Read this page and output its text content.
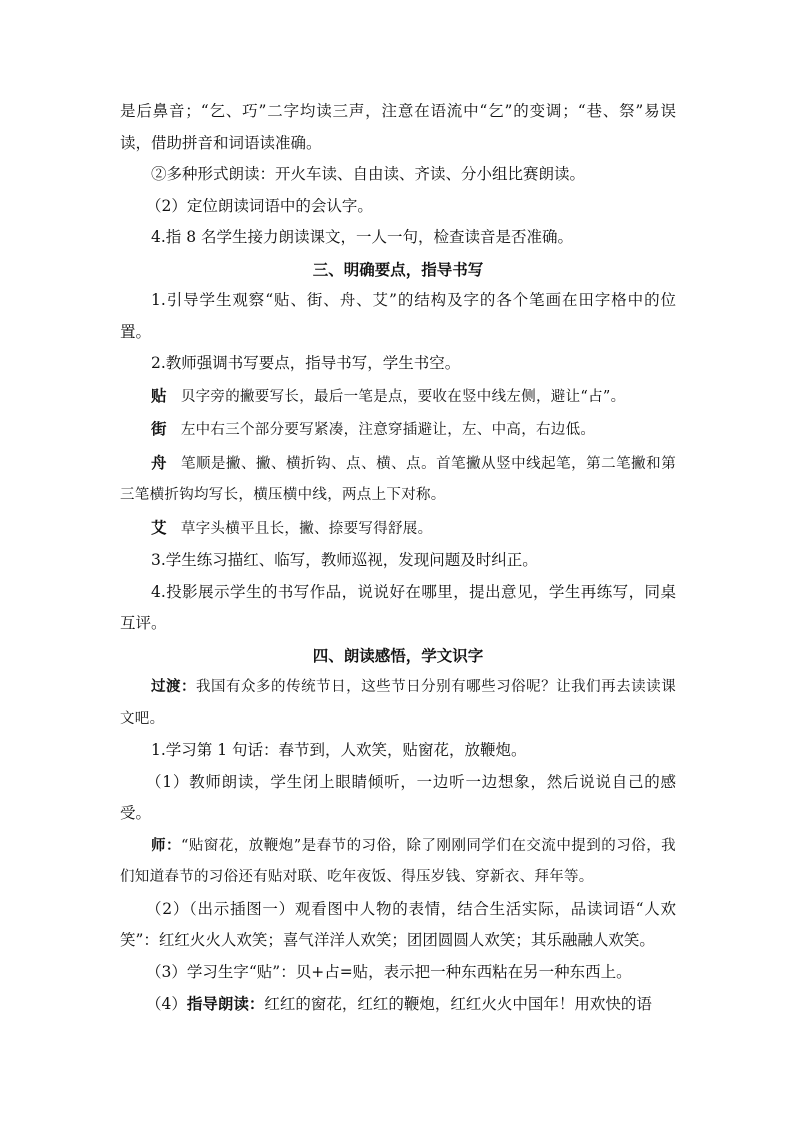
是后鼻音；“乞、巧”二字均读三声，注意在语流中“乞”的变调；“巷、祭”易误读，借助拼音和词语读准确。

②多种形式朗读：开火车读、自由读、齐读、分小组比赛朗读。

（2）定位朗读词语中的会认字。

4.指 8 名学生接力朗读课文，一人一句，检查读音是否准确。

三、明确要点，指导书写

1.引导学生观察“贴、街、舟、艾”的结构及字的各个笔画在田字格中的位置。

2.教师强调书写要点，指导书写，学生书空。

贴 贝字旁的撇要写长，最后一笔是点，要收在竖中线左侧，避让“占”。

街 左中右三个部分要写紧凑，注意穿插避让，左、中高，右边低。

舟 笔顺是撇、撇、横折钩、点、横、点。首笔撇从竖中线起笔，第二笔撇和第三笔横折钩均写长，横压横中线，两点上下对称。

艾 草字头横平且长，撇、捺要写得舒展。

3.学生练习描红、临写，教师巡视，发现问题及时纠正。

4.投影展示学生的书写作品，说说好在哪里，提出意见，学生再练写，同桌互评。

四、朗读感悟，学文识字

过渡：我国有众多的传统节日，这些节日分别有哪些习俗呢？让我们再去读读课文吧。

1.学习第 1 句话：春节到，人欢笑，贴窗花，放鞭炮。

（1）教师朗读，学生闭上眼睛倾听，一边听一边想象，然后说说自己的感受。

师：“贴窗花，放鞭炮”是春节的习俗，除了刚刚同学们在交流中提到的习俗，我们知道春节的习俗还有贴对联、吃年夜饭、得压岁钱、穿新衣、拜年等。

（2）（出示插图一）观看图中人物的表情，结合生活实际，品读词语“人欢笑”：红红火火人欢笑；喜气洋洋人欢笑；团团圆圆人欢笑；其乐融融人欢笑。

（3）学习生字“贴”：贝+占=贴，表示把一种东西粘在另一种东西上。

（4）指导朗读：红红的窗花，红红的鞭炮，红红火火中国年！用欢快的语
